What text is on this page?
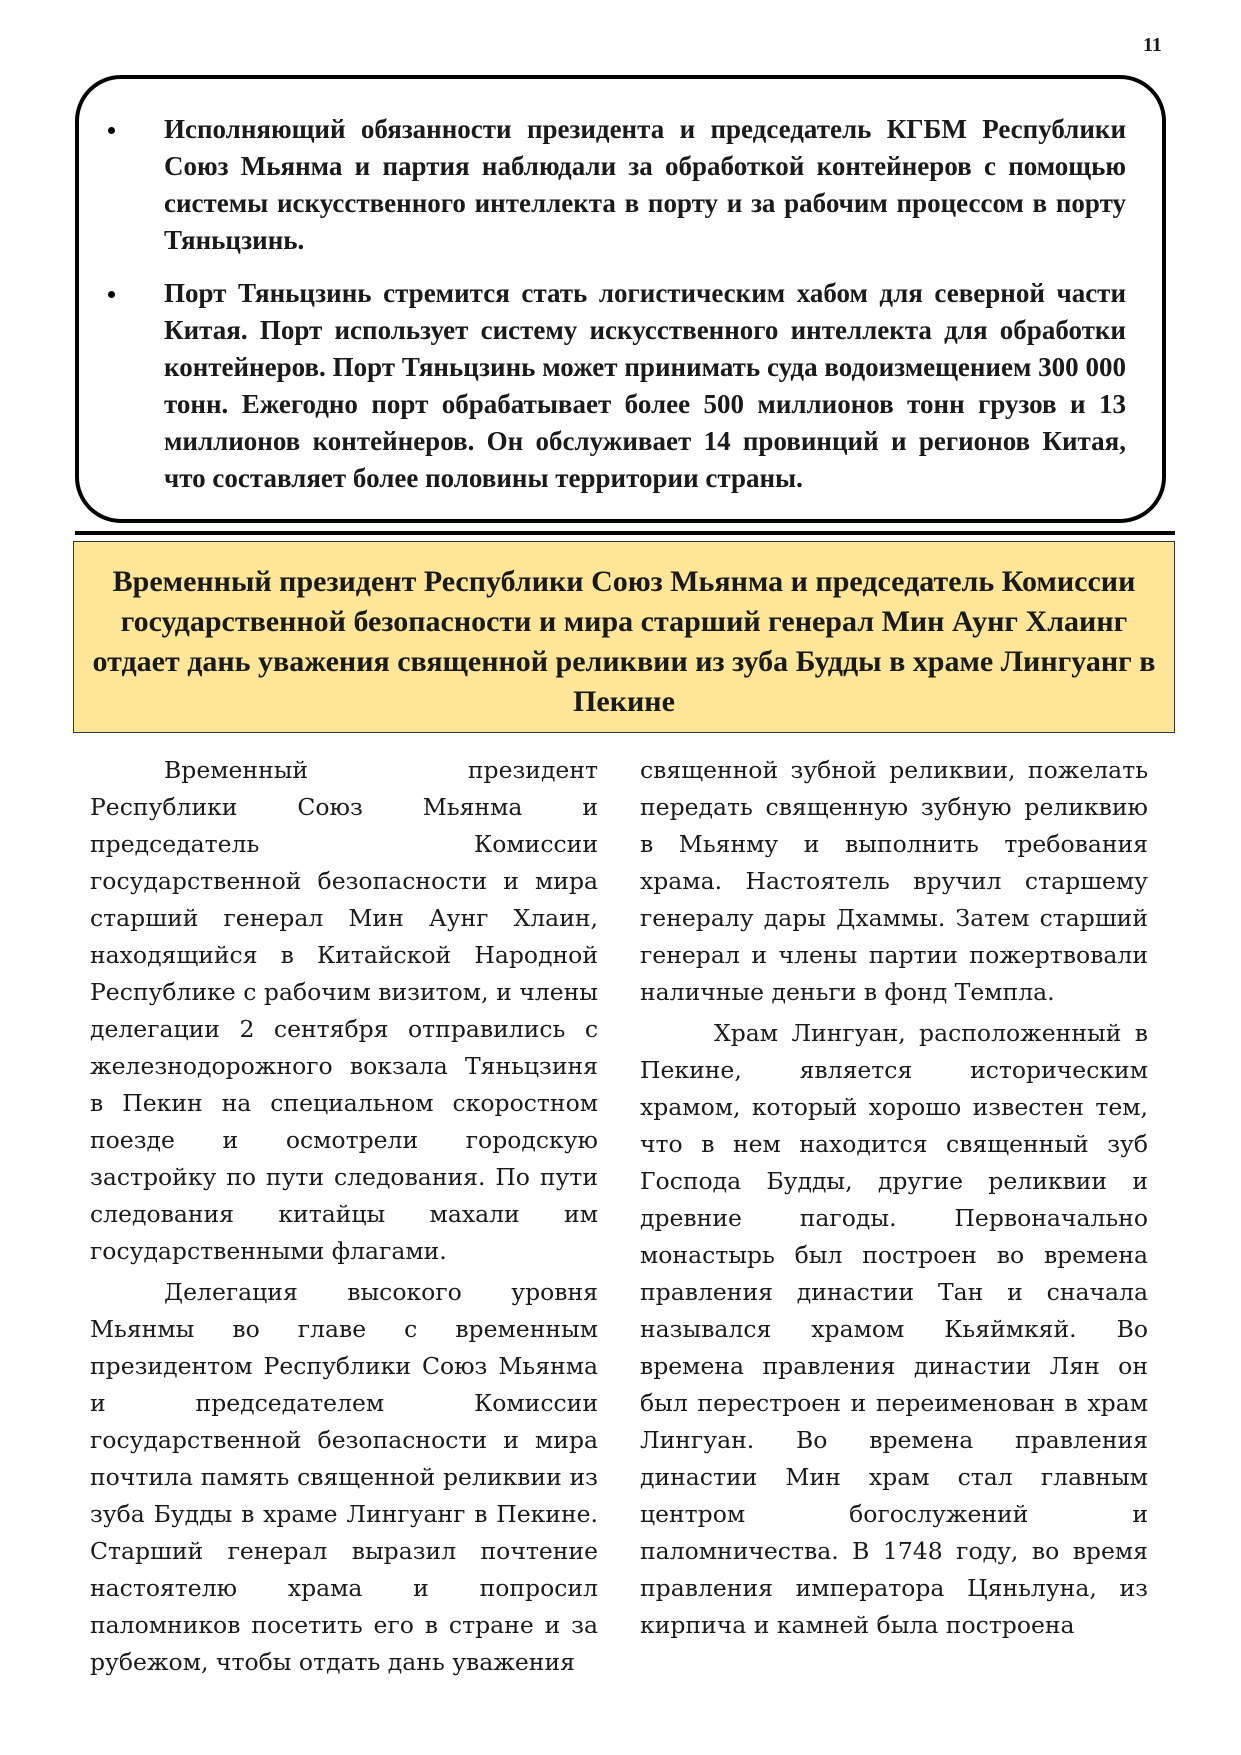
11
Исполняющий обязанности президента и председатель КГБМ Республики Союз Мьянма и партия наблюдали за обработкой контейнеров с помощью системы искусственного интеллекта в порту и за рабочим процессом в порту Тяньцзинь.
Порт Тяньцзинь стремится стать логистическим хабом для северной части Китая. Порт использует систему искусственного интеллекта для обработки контейнеров. Порт Тяньцзинь может принимать суда водоизмещением 300 000 тонн. Ежегодно порт обрабатывает более 500 миллионов тонн грузов и 13 миллионов контейнеров. Он обслуживает 14 провинций и регионов Китая, что составляет более половины территории страны.
Временный президент Республики Союз Мьянма и председатель Комиссии государственной безопасности и мира старший генерал Мин Аунг Хлаинг отдает дань уважения священной реликвии из зуба Будды в храме Лингуанг в Пекине

Временный президент Республики Союз Мьянма и председатель Комиссии государственной безопасности и мира старший генерал Мин Аунг Хлаин, находящийся в Китайской Народной Республике с рабочим визитом, и члены делегации 2 сентября отправились с железнодорожного вокзала Тяньцзиня в Пекин на специальном скоростном поезде и осмотрели городскую застройку по пути следования. По пути следования китайцы махали им государственными флагами.

Делегация высокого уровня Мьянмы во главе с временным президентом Республики Союз Мьянма и председателем Комиссии государственной безопасности и мира почтила память священной реликвии из зуба Будды в храме Лингуанг в Пекине. Старший генерал выразил почтение настоятелю храма и попросил паломников посетить его в стране и за рубежом, чтобы отдать дань уважения

священной зубной реликвии, пожелать передать священную зубную реликвию в Мьянму и выполнить требования храма. Настоятель вручил старшему генералу дары Дхаммы. Затем старший генерал и члены партии пожертвовали наличные деньги в фонд Темпла.

Храм Лингуан, расположенный в Пекине, является историческим храмом, который хорошо известен тем, что в нем находится священный зуб Господа Будды, другие реликвии и древние пагоды. Первоначально монастырь был построен во времена правления династии Тан и сначала назывался храмом Кьяймкяй. Во времена правления династии Лян он был перестроен и переименован в храм Лингуан. Во времена правления династии Мин храм стал главным центром богослужений и паломничества. В 1748 году, во время правления императора Цяньлуна, из кирпича и камней была построена
